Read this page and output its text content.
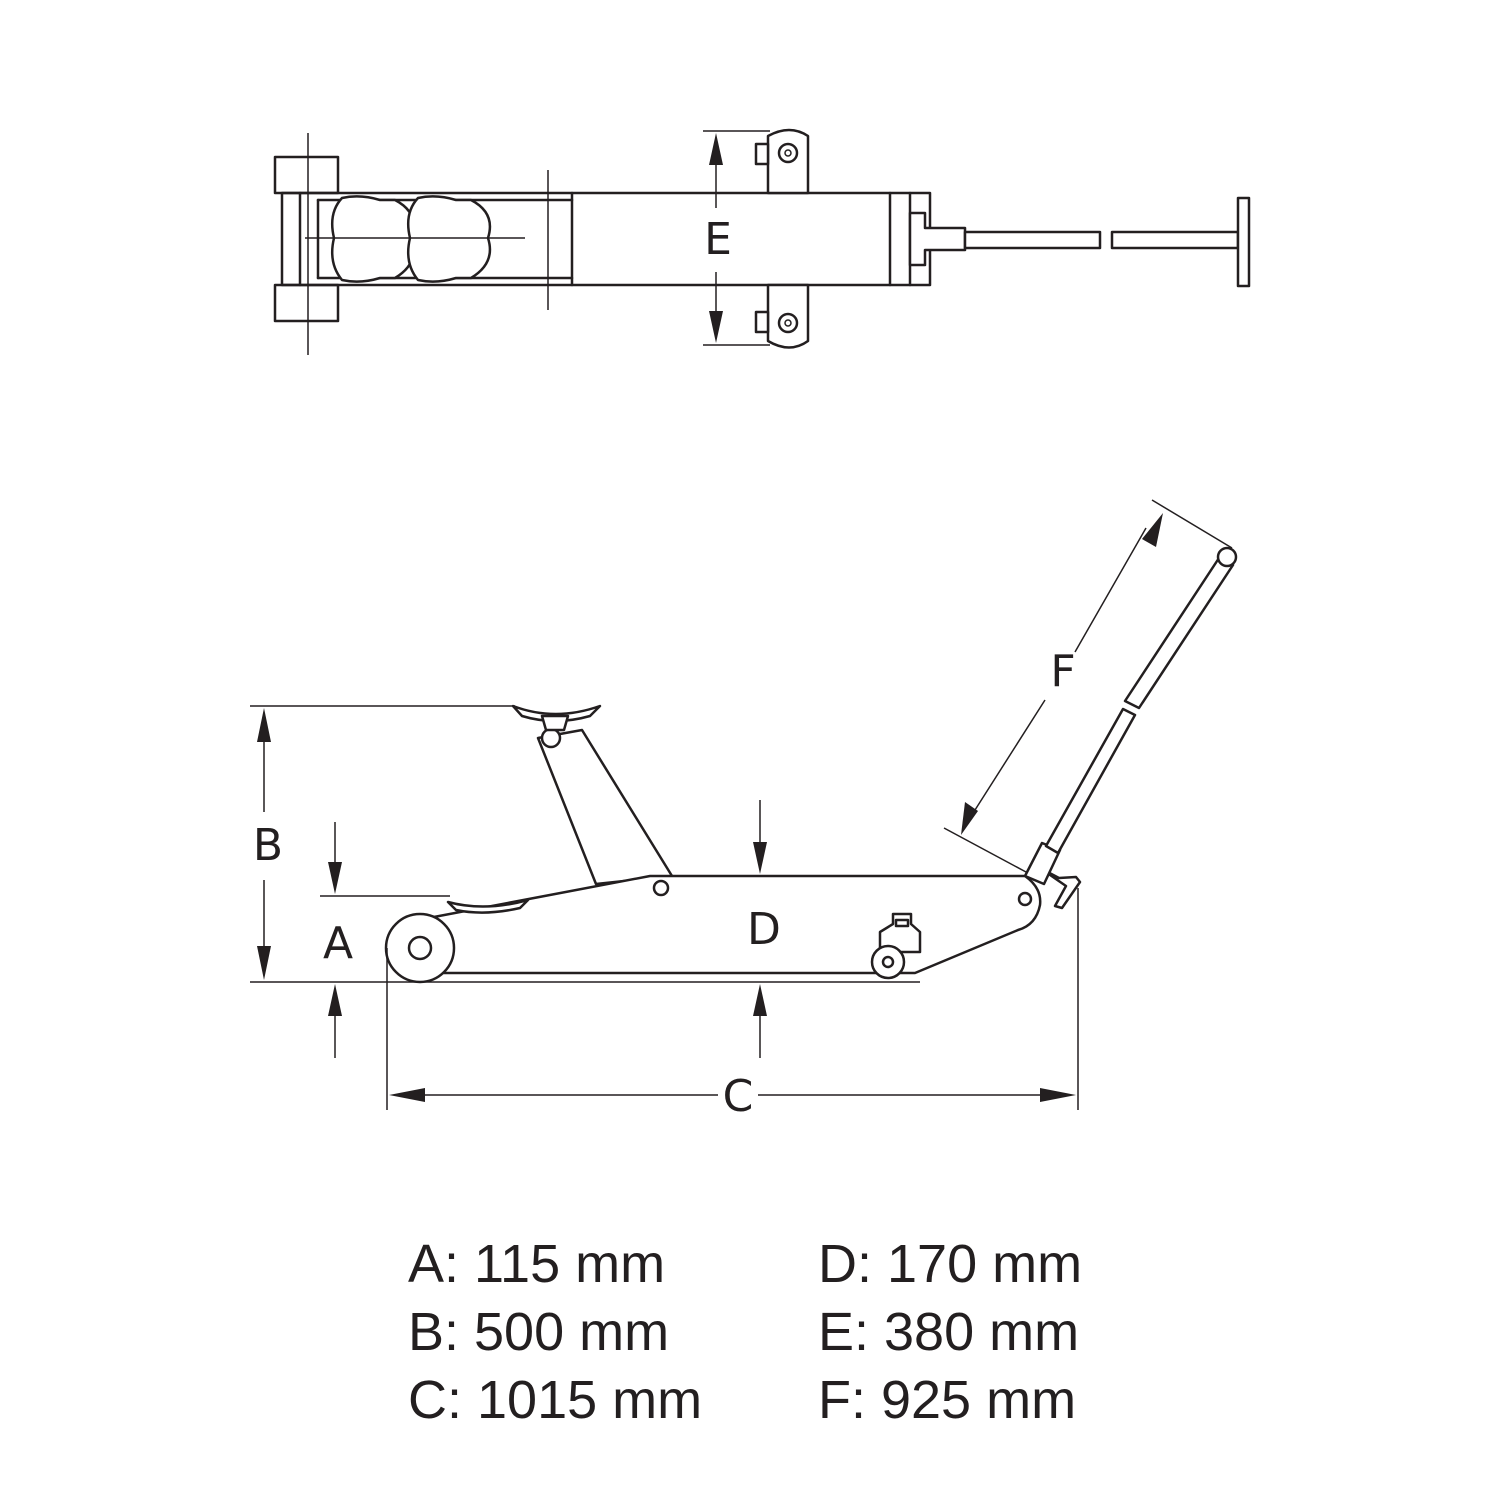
E
B
A	D
C
F
A: 115 mm
B: 500 mm
C: 1015 mm
D: 170 mm
E: 380 mm
F: 925 mm
